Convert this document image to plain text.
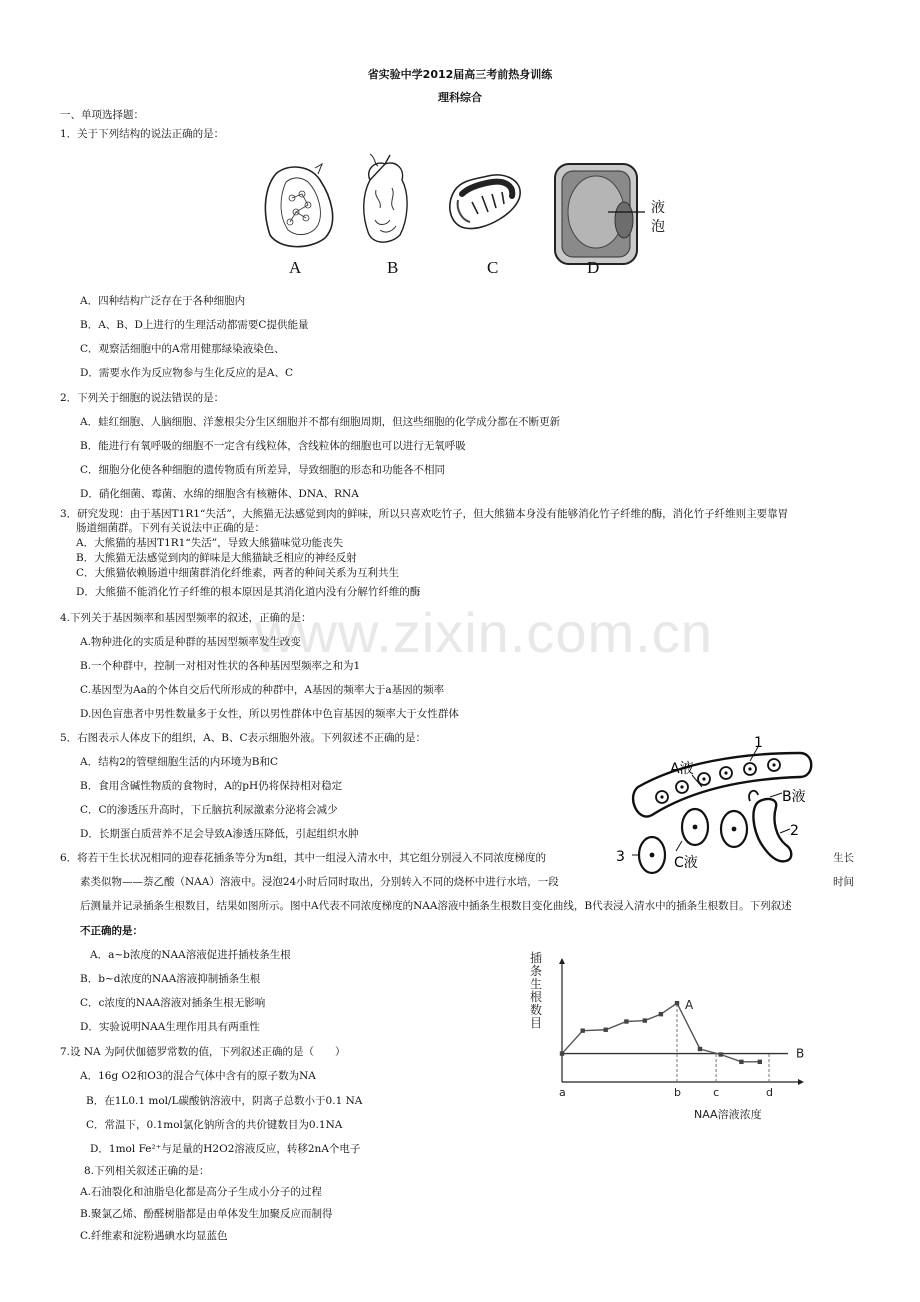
www.zixin.com.cn
省实验中学2012届高三考前热身训练
理科综合
一、单项选择题：
1．关于下列结构的说法正确的是：
液
泡
A	B	C	D
A．四种结构广泛存在于各种细胞内
B．A、B、D上进行的生理活动都需要C提供能量
C．观察活细胞中的A常用健那绿染液染色、
D．需要水作为反应物参与生化反应的是A、C
2．下列关于细胞的说法错误的是：
A．蛙红细胞、人脑细胞、洋葱根尖分生区细胞并不都有细胞周期，但这些细胞的化学成分都在不断更新
B．能进行有氧呼吸的细胞不一定含有线粒体，含线粒体的细胞也可以进行无氧呼吸
C．细胞分化使各种细胞的遗传物质有所差异，导致细胞的形态和功能各不相同
D．硝化细菌、霉菌、水绵的细胞含有核糖体、DNA、RNA
3．研究发现：由于基因T1R1“失活”，大熊猫无法感觉到肉的鲜味，所以只喜欢吃竹子，但大熊猫本身没有能够消化竹子纤维的酶，消化竹子纤维则主要靠胃
肠道细菌群。下列有关说法中正确的是：
A．大熊猫的基因T1R1“失活”，导致大熊猫味觉功能丧失
B．大熊猫无法感觉到肉的鲜味是大熊猫缺乏相应的神经反射
C．大熊猫依赖肠道中细菌群消化纤维素，两者的种间关系为互利共生
D．大熊猫不能消化竹子纤维的根本原因是其消化道内没有分解竹纤维的酶
4.下列关于基因频率和基因型频率的叙述，正确的是：
A.物种进化的实质是种群的基因型频率发生改变
B.一个种群中，控制一对相对性状的各种基因型频率之和为1
C.基因型为Aa的个体自交后代所形成的种群中，A基因的频率大于a基因的频率
D.因色盲患者中男性数量多于女性，所以男性群体中色盲基因的频率大于女性群体
5．右图表示人体皮下的组织，A、B、C表示细胞外液。下列叙述不正确的是：
A．结构2的管壁细胞生活的内环境为B和C
B．食用含碱性物质的食物时，A的pH仍将保持相对稳定
C．C的渗透压升高时，下丘脑抗利尿激素分泌将会减少
D．长期蛋白质营养不足会导致A渗透压降低，引起组织水肿
A液
1
B液
2
3	C液
6．将若干生长状况相同的迎春花插条等分为n组，其中一组浸入清水中，其它组分别浸入不同浓度梯度的	生长
素类似物——萘乙酸（NAA）溶液中。浸泡24小时后同时取出，分别转入不同的烧杯中进行水培，一段	时间
后测量并记录插条生根数目，结果如图所示。图中A代表不同浓度梯度的NAA溶液中插条生根数目变化曲线，B代表浸入清水中的插条生根数目。下列叙述
不正确的是：
A．a~b浓度的NAA溶液促进扦插枝条生根
B．b~d浓度的NAA溶液抑制插条生根
C．c浓度的NAA溶液对插条生根无影响
D．实验说明NAA生理作用具有两重性
B
A
a	b	c	d
插
条
生
根
数
目
NAA溶液浓度
7.设 NA 为阿伏伽德罗常数的值，下列叙述正确的是（　　）
A．16g O2和O3的混合气体中含有的原子数为NA
B．在1L0.1 mol/L碳酸钠溶液中，阴离子总数小于0.1 NA
C．常温下，0.1mol氯化钠所含的共价键数目为0.1NA
D．1mol Fe²⁺与足量的H2O2溶液反应，转移2nA个电子
8.下列相关叙述正确的是：
A.石油裂化和油脂皂化都是高分子生成小分子的过程
B.聚氯乙烯、酚醛树脂都是由单体发生加聚反应而制得
C.纤维素和淀粉遇碘水均显蓝色
